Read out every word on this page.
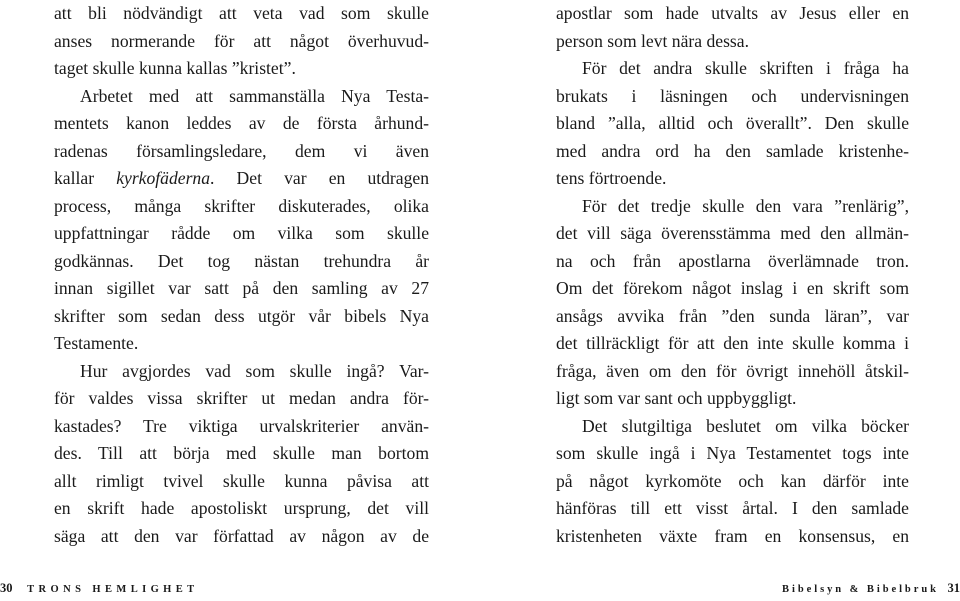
att bli nödvändigt att veta vad som skulle
anses normerande för att något överhuvud-
taget skulle kunna kallas ”kristet”.
Arbetet med att sammanställa Nya Testa-
mentets kanon leddes av de första århund-
radenas församlingsledare, dem vi även
kallar kyrkofäderna. Det var en utdragen
process, många skrifter diskuterades, olika
uppfattningar rådde om vilka som skulle
godkännas. Det tog nästan trehundra år
innan sigillet var satt på den samling av 27
skrifter som sedan dess utgör vår bibels Nya
Testamente.
Hur avgjordes vad som skulle ingå? Var-
för valdes vissa skrifter ut medan andra för-
kastades? Tre viktiga urvalskriterier använ-
des. Till att börja med skulle man bortom
allt rimligt tvivel skulle kunna påvisa att
en skrift hade apostoliskt ursprung, det vill
säga att den var författad av någon av de
30 TRONS HEMLIGHET
apostlar som hade utvalts av Jesus eller en
person som levt nära dessa.
För det andra skulle skriften i fråga ha
brukats i läsningen och undervisningen
bland ”alla, alltid och överallt”. Den skulle
med andra ord ha den samlade kristenhe-
tens förtroende.
För det tredje skulle den vara ”renlärig”,
det vill säga överensstämma med den allmän-
na och från apostlarna överlämnade tron.
Om det förekom något inslag i en skrift som
ansågs avvika från ”den sunda läran”, var
det tillräckligt för att den inte skulle komma i
fråga, även om den för övrigt innehöll åtskil-
ligt som var sant och uppbyggligt.
Det slutgiltiga beslutet om vilka böcker
som skulle ingå i Nya Testamentet togs inte
på något kyrkomöte och kan därför inte
hänföras till ett visst årtal. I den samlade
kristenheten växte fram en konsensus, en
Bibelsyn & Bibelbruk 31
